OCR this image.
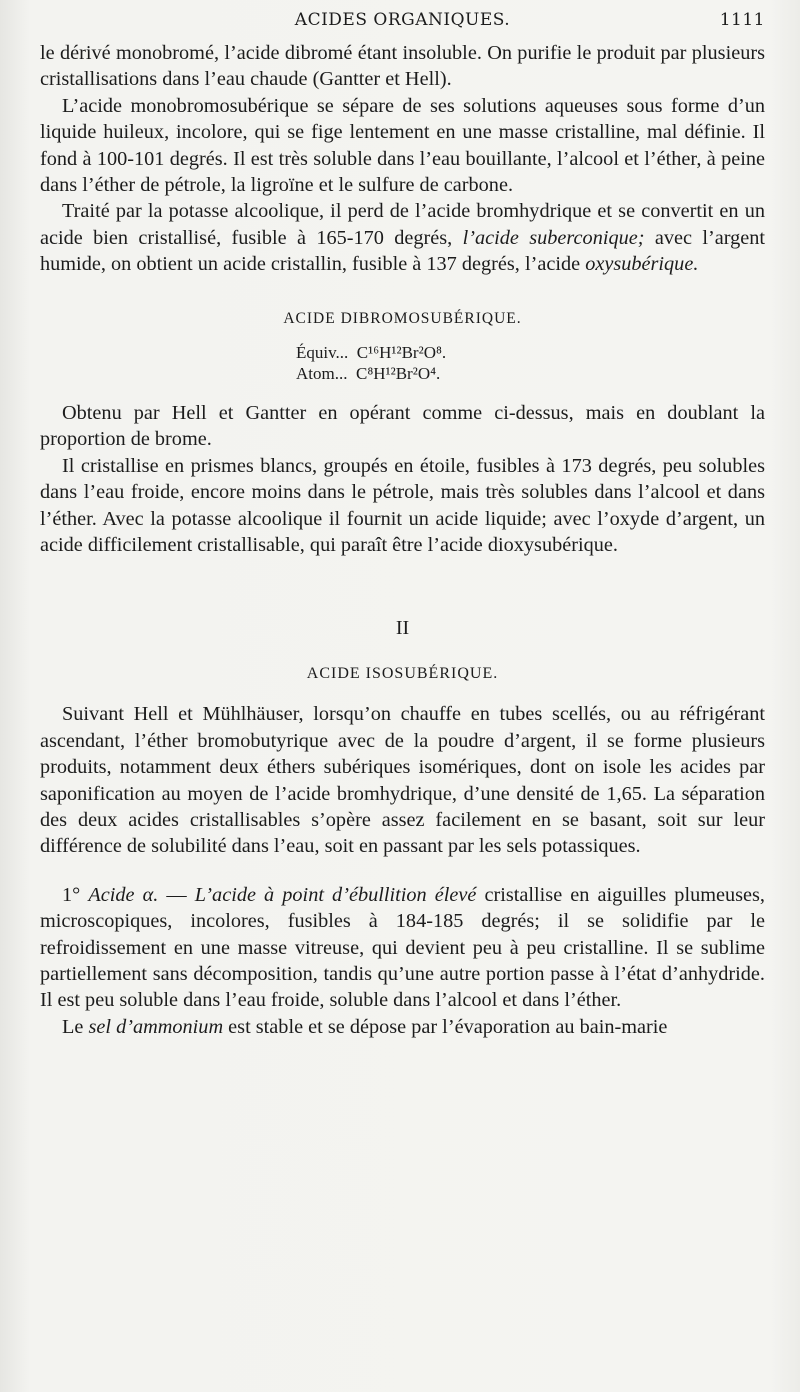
ACIDES ORGANIQUES.	1111

le dérivé monobromé, l’acide dibromé étant insoluble. On purifie le produit par plusieurs cristallisations dans l’eau chaude (Gantter et Hell).

L’acide monobromosubérique se sépare de ses solutions aqueuses sous forme d’un liquide huileux, incolore, qui se fige lentement en une masse cristalline, mal définie. Il fond à 100-101 degrés. Il est très soluble dans l’eau bouillante, l’alcool et l’éther, à peine dans l’éther de pétrole, la ligroïne et le sulfure de carbone.

Traité par la potasse alcoolique, il perd de l’acide bromhydrique et se convertit en un acide bien cristallisé, fusible à 165-170 degrés, l’acide suberconique; avec l’argent humide, on obtient un acide cristallin, fusible à 137 degrés, l’acide oxysubérique.

ACIDE DIBROMOSUBÉRIQUE.
Équiv... C¹⁶H¹²Br²O⁸.
Atom... C⁸H¹²Br²O⁴.

Obtenu par Hell et Gantter en opérant comme ci-dessus, mais en doublant la proportion de brome.

Il cristallise en prismes blancs, groupés en étoile, fusibles à 173 degrés, peu solubles dans l’eau froide, encore moins dans le pétrole, mais très solubles dans l’alcool et dans l’éther. Avec la potasse alcoolique il fournit un acide liquide; avec l’oxyde d’argent, un acide difficilement cristallisable, qui paraît être l’acide dioxysubérique.

II
ACIDE ISOSUBÉRIQUE.

Suivant Hell et Mühlhäuser, lorsqu’on chauffe en tubes scellés, ou au réfrigérant ascendant, l’éther bromobutyrique avec de la poudre d’argent, il se forme plusieurs produits, notamment deux éthers subériques isomériques, dont on isole les acides par saponification au moyen de l’acide bromhydrique, d’une densité de 1,65. La séparation des deux acides cristallisables s’opère assez facilement en se basant, soit sur leur différence de solubilité dans l’eau, soit en passant par les sels potassiques.

1° Acide α. — L’acide à point d’ébullition élevé cristallise en aiguilles plumeuses, microscopiques, incolores, fusibles à 184-185 degrés; il se solidifie par le refroidissement en une masse vitreuse, qui devient peu à peu cristalline. Il se sublime partiellement sans décomposition, tandis qu’une autre portion passe à l’état d’anhydride. Il est peu soluble dans l’eau froide, soluble dans l’alcool et dans l’éther.

Le sel d’ammonium est stable et se dépose par l’évaporation au bain-marie
